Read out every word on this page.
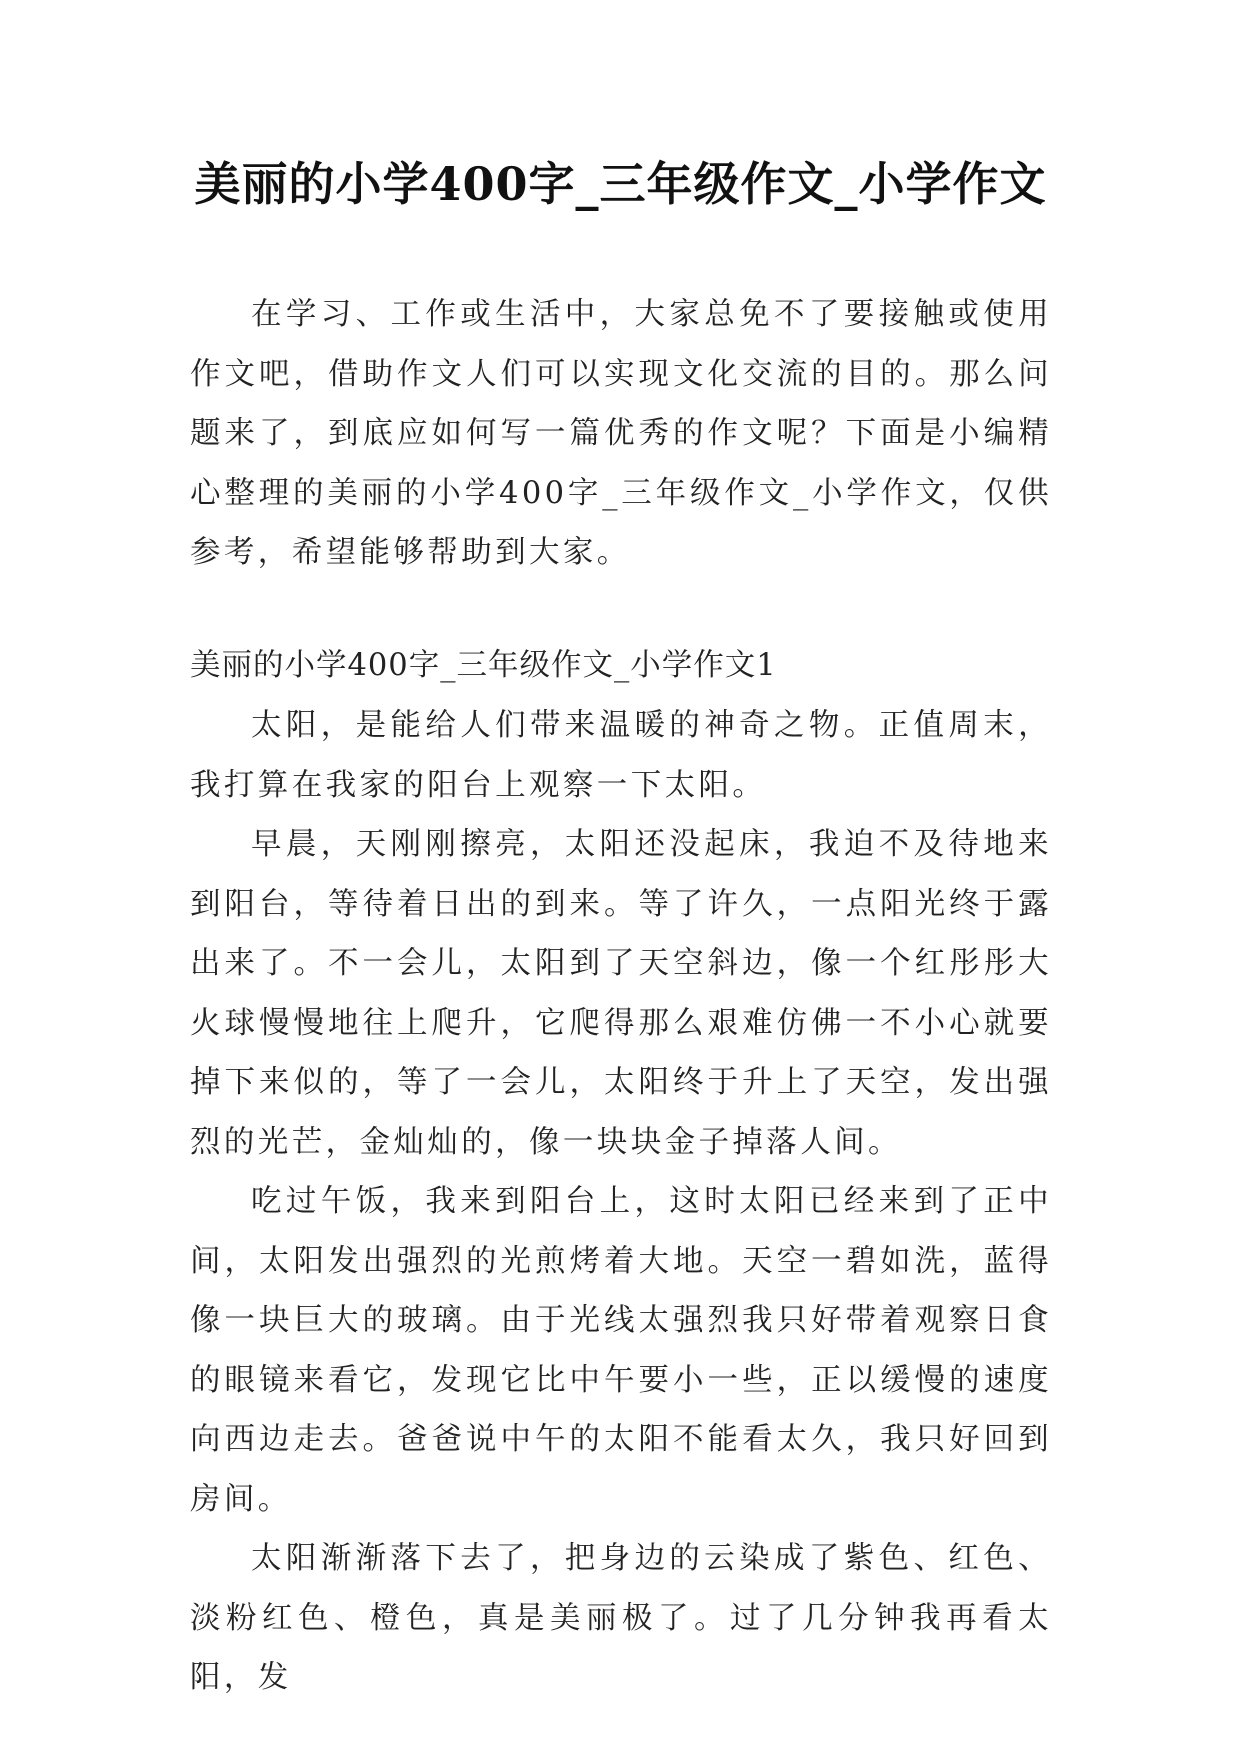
美丽的小学400字_三年级作文_小学作文

在学习、工作或生活中，大家总免不了要接触或使用作文吧，借助作文人们可以实现文化交流的目的。那么问题来了，到底应如何写一篇优秀的作文呢？下面是小编精心整理的美丽的小学400字_三年级作文_小学作文，仅供参考，希望能够帮助到大家。

美丽的小学400字_三年级作文_小学作文1

太阳，是能给人们带来温暖的神奇之物。正值周末，我打算在我家的阳台上观察一下太阳。

早晨，天刚刚擦亮，太阳还没起床，我迫不及待地来到阳台，等待着日出的到来。等了许久，一点阳光终于露出来了。不一会儿，太阳到了天空斜边，像一个红彤彤大火球慢慢地往上爬升，它爬得那么艰难仿佛一不小心就要掉下来似的，等了一会儿，太阳终于升上了天空，发出强烈的光芒，金灿灿的，像一块块金子掉落人间。

吃过午饭，我来到阳台上，这时太阳已经来到了正中间，太阳发出强烈的光煎烤着大地。天空一碧如洗，蓝得像一块巨大的玻璃。由于光线太强烈我只好带着观察日食的眼镜来看它，发现它比中午要小一些，正以缓慢的速度向西边走去。爸爸说中午的太阳不能看太久，我只好回到房间。

太阳渐渐落下去了，把身边的云染成了紫色、红色、淡粉红色、橙色，真是美丽极了。过了几分钟我再看太阳，发
